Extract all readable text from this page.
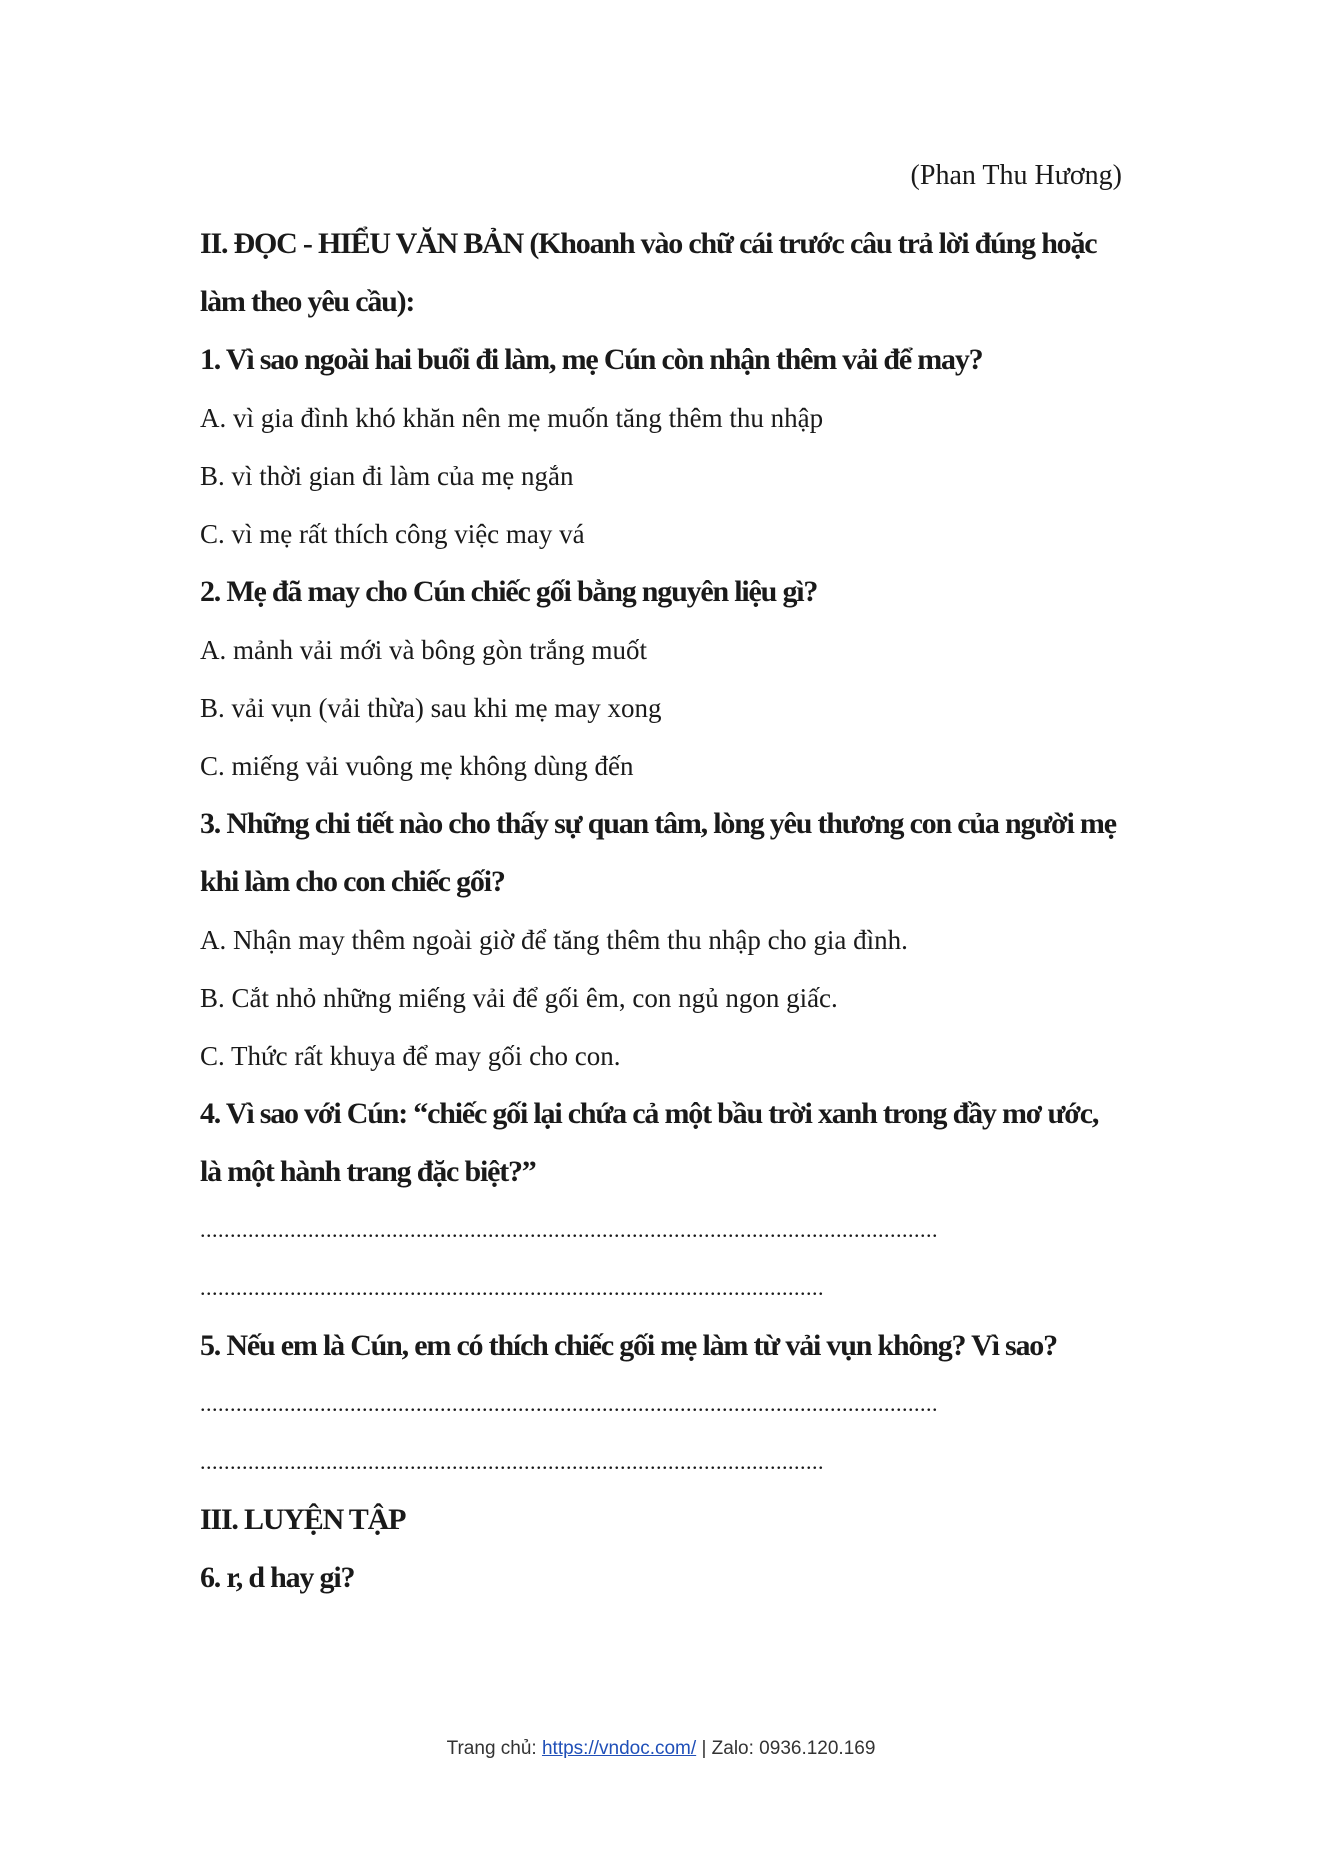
(Phan Thu Hương)

II. ĐỌC - HIỂU VĂN BẢN (Khoanh vào chữ cái trước câu trả lời đúng hoặc làm theo yêu cầu):

1. Vì sao ngoài hai buổi đi làm, mẹ Cún còn nhận thêm vải để may?

A. vì gia đình khó khăn nên mẹ muốn tăng thêm thu nhập

B. vì thời gian đi làm của mẹ ngắn

C. vì mẹ rất thích công việc may vá

2. Mẹ đã may cho Cún chiếc gối bằng nguyên liệu gì?

A. mảnh vải mới và bông gòn trắng muốt

B. vải vụn (vải thừa) sau khi mẹ may xong

C. miếng vải vuông mẹ không dùng đến

3. Những chi tiết nào cho thấy sự quan tâm, lòng yêu thương con của người mẹ khi làm cho con chiếc gối?

A. Nhận may thêm ngoài giờ để tăng thêm thu nhập cho gia đình.

B. Cắt nhỏ những miếng vải để gối êm, con ngủ ngon giấc.

C. Thức rất khuya để may gối cho con.

4. Vì sao với Cún: “chiếc gối lại chứa cả một bầu trời xanh trong đầy mơ ước, là một hành trang đặc biệt?”

...........................................................................................................................

........................................................................................................

5. Nếu em là Cún, em có thích chiếc gối mẹ làm từ vải vụn không? Vì sao?

...........................................................................................................................

........................................................................................................

III. LUYỆN TẬP

6. r, d hay gi?

Trang chủ: https://vndoc.com/ | Zalo: 0936.120.169
